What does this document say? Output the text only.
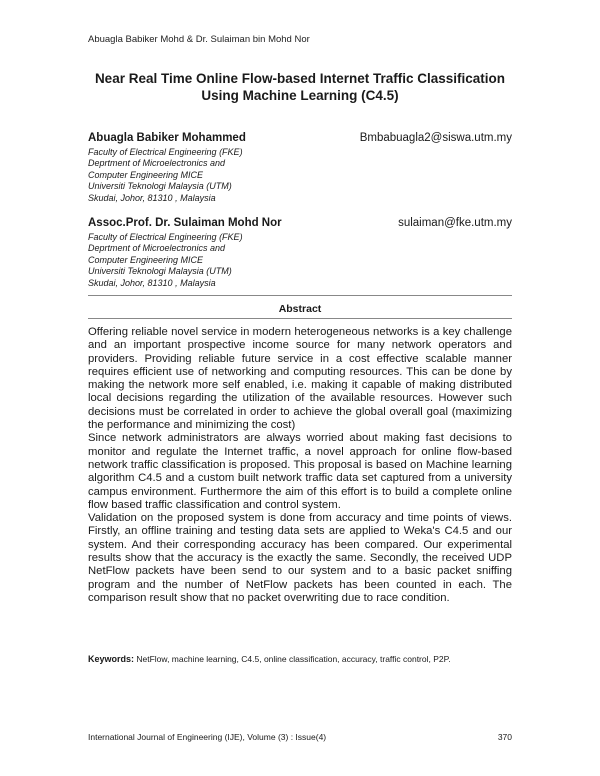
Abuagla Babiker Mohd & Dr. Sulaiman bin Mohd Nor
Near Real Time Online Flow-based Internet Traffic Classification
Using Machine Learning (C4.5)
Abuagla Babiker Mohammed	Bmbabuagla2@siswa.utm.my
Faculty of Electrical Engineering (FKE)
Deprtment of Microelectronics and
Computer Engineering MICE
Universiti Teknologi Malaysia (UTM)
Skudai, Johor, 81310 , Malaysia
Assoc.Prof. Dr. Sulaiman Mohd Nor	sulaiman@fke.utm.my
Faculty of Electrical Engineering (FKE)
Deprtment of Microelectronics and
Computer Engineering MICE
Universiti Teknologi Malaysia (UTM)
Skudai, Johor, 81310 , Malaysia
Abstract

Offering reliable novel service in modern heterogeneous networks is a key challenge and an important prospective income source for many network operators and providers. Providing reliable future service in a cost effective scalable manner requires efficient use of networking and computing resources. This can be done by making the network more self enabled, i.e. making it capable of making distributed local decisions regarding the utilization of the available resources. However such decisions must be correlated in order to achieve the global overall goal (maximizing the performance and minimizing the cost)

Since network administrators are always worried about making fast decisions to monitor and regulate the Internet traffic, a novel approach for online flow-based network traffic classification is proposed. This proposal is based on Machine learning algorithm C4.5 and a custom built network traffic data set captured from a university campus environment. Furthermore the aim of this effort is to build a complete online flow based traffic classification and control system.

Validation on the proposed system is done from accuracy and time points of views. Firstly, an offline training and testing data sets are applied to Weka's C4.5 and our system. And their corresponding accuracy has been compared. Our experimental results show that the accuracy is the exactly the same. Secondly, the received UDP NetFlow packets have been send to our system and to a basic packet sniffing program and the number of NetFlow packets has been counted in each. The comparison result show that no packet overwriting due to race condition.

Keywords: NetFlow, machine learning, C4.5, online classification, accuracy, traffic control, P2P.
International Journal of Engineering (IJE), Volume (3) : Issue(4)	370
